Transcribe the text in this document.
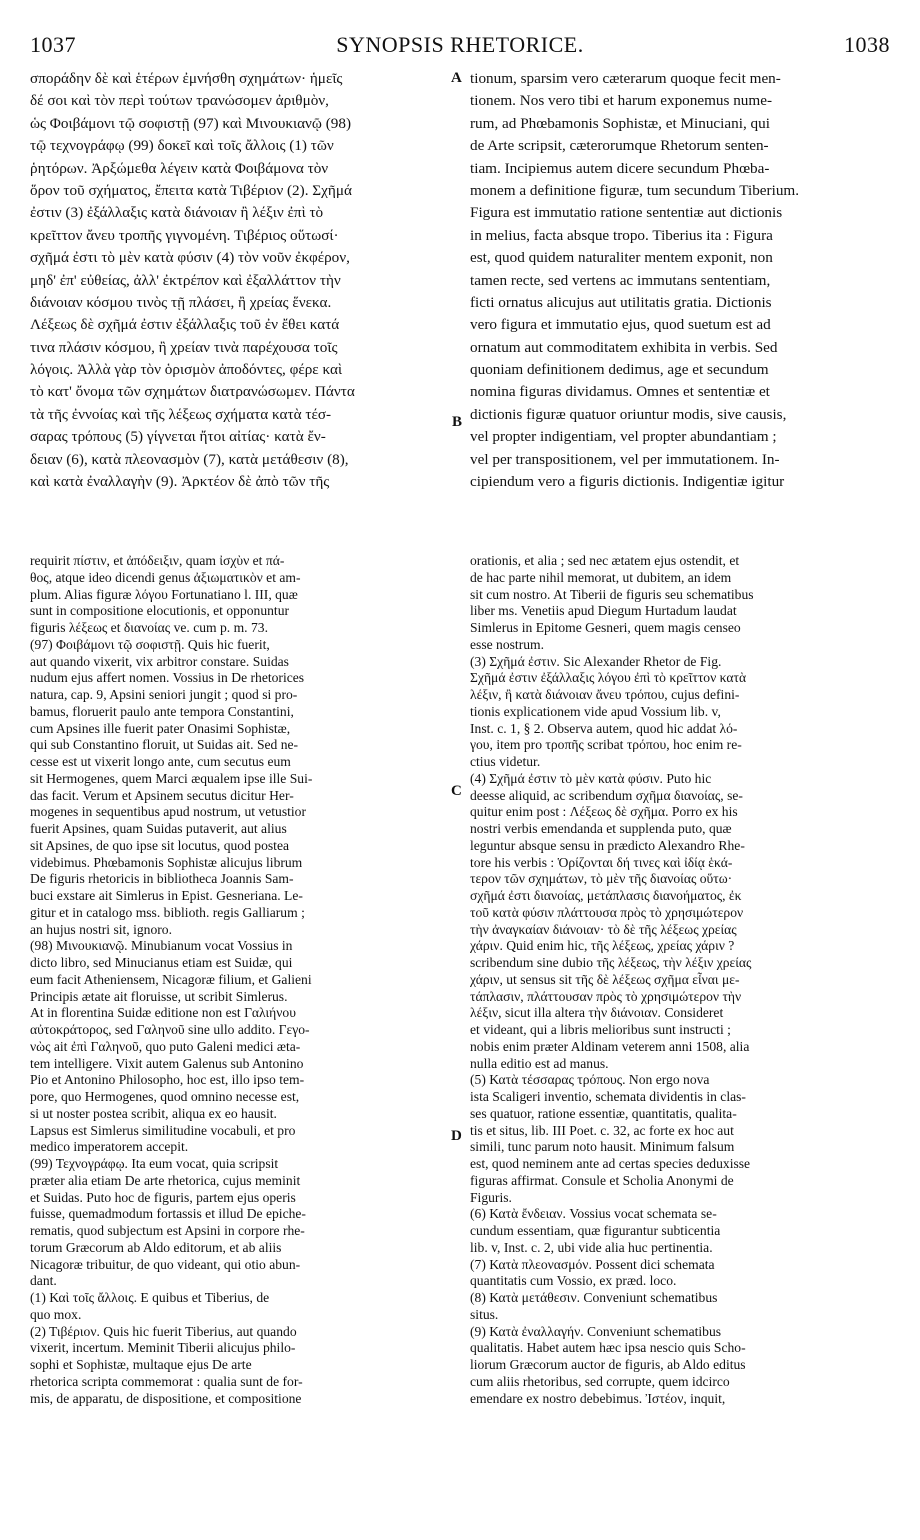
1037	SYNOPSIS RHETORICE.	1038
σποράδην δὲ καὶ ἑτέρων ἐμνήσθη σχημάτων· ἡμεῖς
δέ σοι καὶ τὸν περὶ τούτων τρανώσομεν ἀριθμὸν,
ὡς Φοιβάμονι τῷ σοφιστῇ (97) καὶ Μινουκιανῷ (98)
τῷ τεχνογράφῳ (99) δοκεῖ καὶ τοῖς ἄλλοις (1) τῶν
ῥητόρων. Ἀρξώμεθα λέγειν κατὰ Φοιβάμονα τὸν
ὅρον τοῦ σχήματος, ἔπειτα κατὰ Τιβέριον (2). Σχῆμά
ἐστιν (3) ἐξάλλαξις κατὰ διάνοιαν ἢ λέξιν ἐπὶ τὸ
κρεῖττον ἄνευ τροπῆς γιγνομένη. Τιβέριος οὕτωσί·
σχῆμά ἐστι τὸ μὲν κατὰ φύσιν (4) τὸν νοῦν ἐκφέρον,
μηδ' ἐπ' εὐθείας, ἀλλ' ἐκτρέπον καὶ ἐξαλλάττον τὴν
διάνοιαν κόσμου τινὸς τῇ πλάσει, ἢ χρείας ἕνεκα.
Λέξεως δὲ σχῆμά ἐστιν ἐξάλλαξις τοῦ ἐν ἔθει κατά
τινα πλάσιν κόσμου, ἢ χρείαν τινὰ παρέχουσα τοῖς
λόγοις. Ἀλλὰ γὰρ τὸν ὁρισμὸν ἀποδόντες, φέρε καὶ
τὸ κατ' ὄνομα τῶν σχημάτων διατρανώσωμεν. Πάντα
τὰ τῆς ἐννοίας καὶ τῆς λέξεως σχήματα κατὰ τέσ-
σαρας τρόπους (5) γίγνεται ἤτοι αἰτίας· κατὰ ἔν-
δειαν (6), κατὰ πλεονασμὸν (7), κατὰ μετάθεσιν (8),
καὶ κατὰ ἐναλλαγὴν (9). Ἀρκτέον δὲ ἀπὸ τῶν τῆς
tionum, sparsim vero cæterarum quoque fecit men-
tionem. Nos vero tibi et harum exponemus nume-
rum, ad Phœbamonis Sophistæ, et Minuciani, qui
de Arte scripsit, cæterorumque Rhetorum senten-
tiam. Incipiemus autem dicere secundum Phœba-
monem a definitione figuræ, tum secundum Tiberium.
Figura est immutatio ratione sententiæ aut dictionis
in melius, facta absque tropo. Tiberius ita : Figura
est, quod quidem naturaliter mentem exponit, non
tamen recte, sed vertens ac immutans sententiam,
ficti ornatus alicujus aut utilitatis gratia. Dictionis
vero figura et immutatio ejus, quod suetum est ad
ornatum aut commoditatem exhibita in verbis. Sed
quoniam definitionem dedimus, age et secundum
nomina figuras dividamus. Omnes et sententiæ et
dictionis figuræ quatuor oriuntur modis, sive causis,
vel propter indigentiam, vel propter abundantiam ;
vel per transpositionem, vel per immutationem. In-
cipiendum vero a figuris dictionis. Indigentiæ igitur
requirit πίστιν, et ἀπόδειξιν, quam ἰσχὺν et πά-
θος, atque ideo dicendi genus ἀξιωματικὸν et am-
plum. Alias figuræ λόγου Fortunatiano l. III, quæ
sunt in compositione elocutionis, et opponuntur
figuris λέξεως et διανοίας ve. cum p. m. 73.
(97) Φοιβάμονι τῷ σοφιστῇ. Quis hic fuerit,
aut quando vixerit, vix arbitror constare. Suidas
nudum ejus affert nomen. Vossius in De rhetorices
natura, cap. 9, Apsini seniori jungit ; quod si pro-
bamus, floruerit paulo ante tempora Constantini,
cum Apsines ille fuerit pater Onasimi Sophistæ,
qui sub Constantino floruit, ut Suidas ait. Sed ne-
cesse est ut vixerit longo ante, cum secutus eum
sit Hermogenes, quem Marci æqualem ipse ille Sui-
das facit. Verum et Apsinem secutus dicitur Her-
mogenes in sequentibus apud nostrum, ut vetustior
fuerit Apsines, quam Suidas putaverit, aut alius
sit Apsines, de quo ipse sit locutus, quod postea
videbimus. Phœbamonis Sophistæ alicujus librum
De figuris rhetoricis in bibliotheca Joannis Sam-
buci exstare ait Simlerus in Epist. Gesneriana. Le-
gitur et in catalogo mss. biblioth. regis Galliarum ;
an hujus nostri sit, ignoro.
(98) Μινουκιανῷ. Minubianum vocat Vossius in
dicto libro, sed Minucianus etiam est Suidæ, qui
eum facit Atheniensem, Nicagoræ filium, et Galieni
Principis ætate ait floruisse, ut scribit Simlerus.
At in florentina Suidæ editione non est Γαλιήνου
αὐτοκράτορος, sed Γαληνοῦ sine ullo addito. Γεγο-
νὼς ait ἐπὶ Γαληνοῦ, quo puto Galeni medici æta-
tem intelligere. Vixit autem Galenus sub Antonino
Pio et Antonino Philosopho, hoc est, illo ipso tem-
pore, quo Hermogenes, quod omnino necesse est,
si ut noster postea scribit, aliqua ex eo hausit.
Lapsus est Simlerus similitudine vocabuli, et pro
medico imperatorem accepit.
(99) Τεχνογράφῳ. Ita eum vocat, quia scripsit
præter alia etiam De arte rhetorica, cujus meminit
et Suidas. Puto hoc de figuris, partem ejus operis
fuisse, quemadmodum fortassis et illud De epiche-
rematis, quod subjectum est Apsini in corpore rhe-
torum Græcorum ab Aldo editorum, et ab aliis
Nicagoræ tribuitur, de quo videant, qui otio abun-
dant.
(1) Καὶ τοῖς ἄλλοις. E quibus et Tiberius, de
quo mox.
(2) Τιβέριον. Quis hic fuerit Tiberius, aut quando
vixerit, incertum. Meminit Tiberii alicujus philo-
sophi et Sophistæ, multaque ejus De arte
rhetorica scripta commemorat : qualia sunt de for-
mis, de apparatu, de dispositione, et compositione
orationis, et alia ; sed nec ætatem ejus ostendit, et
de hac parte nihil memorat, ut dubitem, an idem
sit cum nostro. At Tiberii de figuris seu schematibus
liber ms. Venetiis apud Diegum Hurtadum laudat
Simlerus in Epitome Gesneri, quem magis censeo
esse nostrum.
(3) Σχῆμά ἐστιν. Sic Alexander Rhetor de Fig.
Σχῆμά ἐστιν ἐξάλλαξις λόγου ἐπὶ τὸ κρεῖττον κατὰ
λέξιν, ἢ κατὰ διάνοιαν ἄνευ τρόπου, cujus defini-
tionis explicationem vide apud Vossium lib. v,
Inst. c. 1, § 2. Observa autem, quod hic addat λό-
γου, item pro τροπῆς scribat τρόπου, hoc enim re-
ctius videtur.
(4) Σχῆμά ἐστιν τὸ μὲν κατὰ φύσιν. Puto hic
deesse aliquid, ac scribendum σχῆμα διανοίας, se-
quitur enim post : Λέξεως δὲ σχῆμα. Porro ex his
nostri verbis emendanda et supplenda puto, quæ
leguntur absque sensu in prædicto Alexandro Rhe-
tore his verbis : Ὁρίζονται δή τινες καὶ ἰδίᾳ ἑκά-
τερον τῶν σχημάτων, τὸ μὲν τῆς διανοίας οὕτω·
σχῆμά ἐστι διανοίας, μετάπλασις διανοήματος, ἐκ
τοῦ κατὰ φύσιν πλάττουσα πρὸς τὸ χρησιμώτερον
τὴν ἀναγκαίαν διάνοιαν· τὸ δὲ τῆς λέξεως χρείας
χάριν. Quid enim hic, τῆς λέξεως, χρείας χάριν ?
scribendum sine dubio τῆς λέξεως, τὴν λέξιν χρείας
χάριν, ut sensus sit τῆς δὲ λέξεως σχῆμα εἶναι με-
τάπλασιν, πλάττουσαν πρὸς τὸ χρησιμώτερον τὴν
λέξιν, sicut illa altera τὴν διάνοιαν. Consideret
et videant, qui a libris melioribus sunt instructi ;
nobis enim præter Aldinam veterem anni 1508, alia
nulla editio est ad manus.
(5) Κατὰ τέσσαρας τρόπους. Non ergo nova
ista Scaligeri inventio, schemata dividentis in clas-
ses quatuor, ratione essentiæ, quantitatis, qualita-
tis et situs, lib. III Poet. c. 32, ac forte ex hoc aut
simili, tunc parum noto hausit. Minimum falsum
est, quod neminem ante ad certas species deduxisse
figuras affirmat. Consule et Scholia Anonymi de
Figuris.
(6) Κατὰ ἔνδειαν. Vossius vocat schemata se-
cundum essentiam, quæ figurantur subticentia
lib. v, Inst. c. 2, ubi vide alia huc pertinentia.
(7) Κατὰ πλεονασμόν. Possent dici schemata
quantitatis cum Vossio, ex præd. loco.
(8) Κατὰ μετάθεσιν. Conveniunt schematibus
situs.
(9) Κατὰ ἐναλλαγήν. Conveniunt schematibus
qualitatis. Habet autem hæc ipsa nescio quis Scho-
liorum Græcorum auctor de figuris, ab Aldo editus
cum aliis rhetoribus, sed corrupte, quem idcirco
emendare ex nostro debebimus. Ἰστέον, inquit,
A
B
C
D
